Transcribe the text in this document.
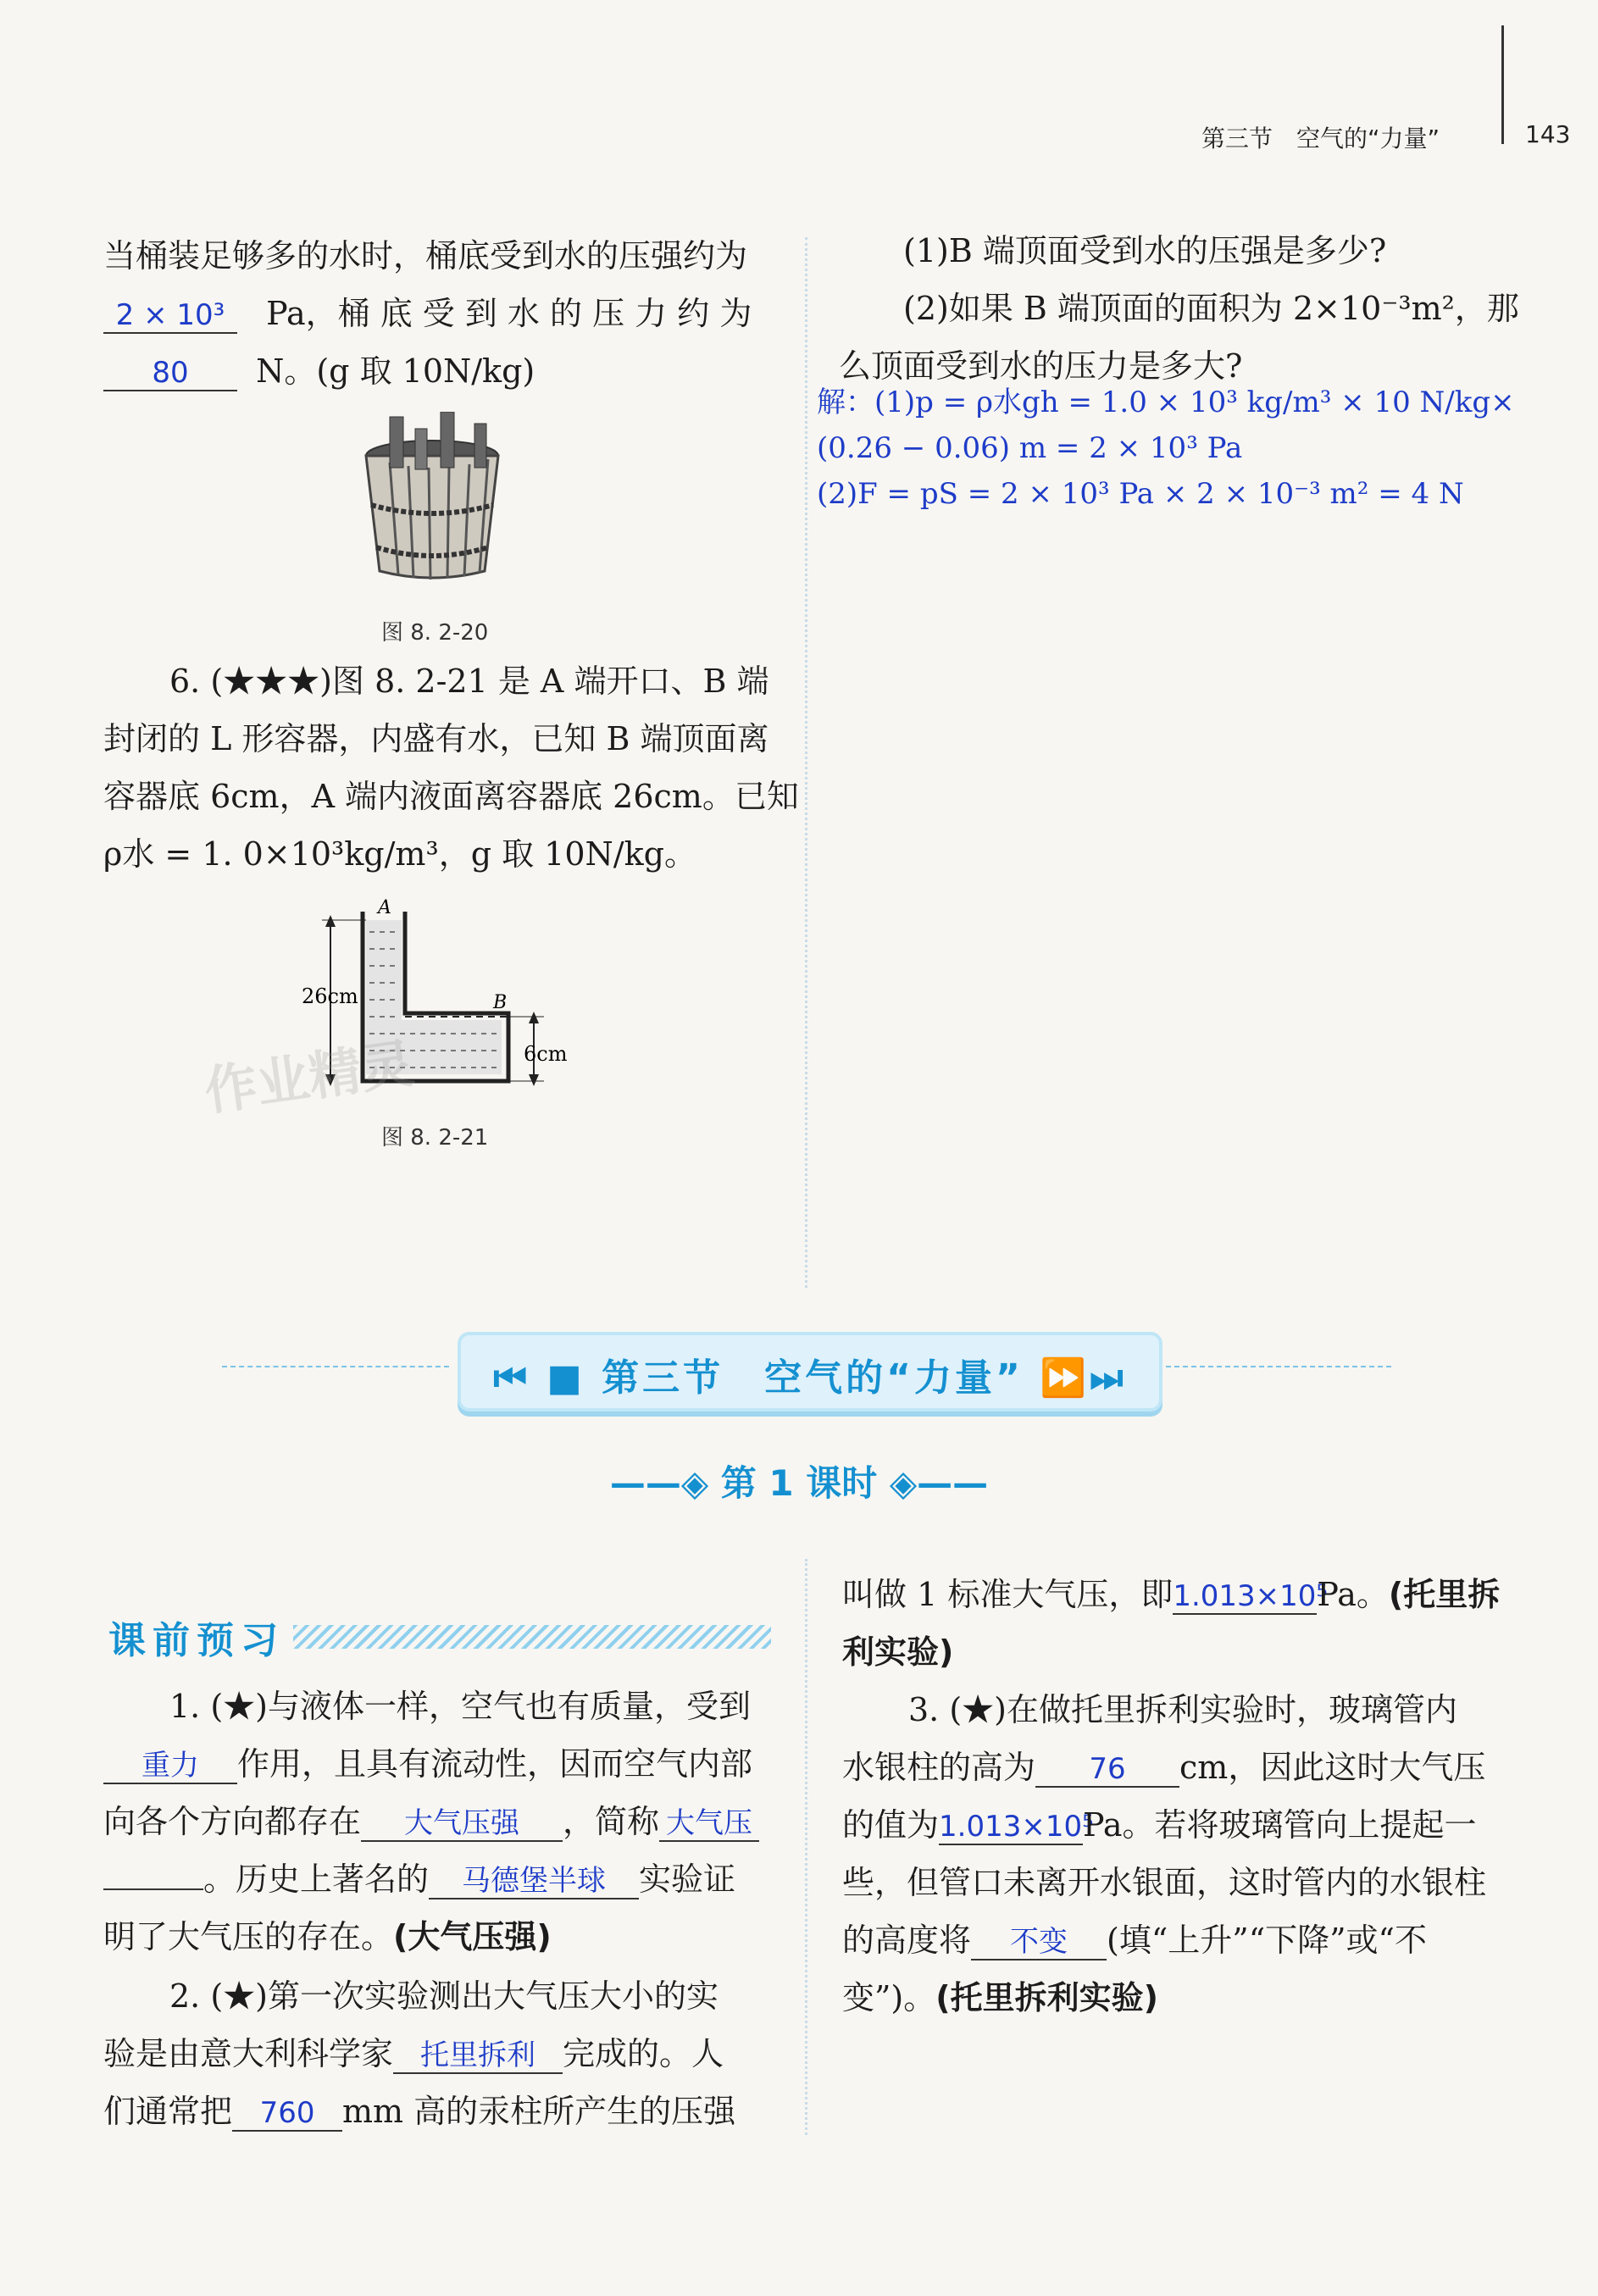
第三节　空气的“力量”	143
当桶装足够多的水时，桶底受到水的压强约为
2 × 10³ Pa，桶 底 受 到 水 的 压 力 约 为
80 N。(g 取 10N/kg)
图 8. 2-20
6. (★★★)图 8. 2-21 是 A 端开口、B 端
封闭的 L 形容器，内盛有水，已知 B 端顶面离
容器底 6cm，A 端内液面离容器底 26cm。已知
ρ水 = 1. 0×10³kg/m³，g 取 10N/kg。
A
B
26cm
6cm
图 8. 2-21
(1)B 端顶面受到水的压强是多少?
(2)如果 B 端顶面的面积为 2×10⁻³m²，那
么顶面受到水的压力是多大?
解：(1)p = ρ水gh = 1.0 × 10³ kg/m³ × 10 N/kg×
(0.26 − 0.06) m = 2 × 10³ Pa
(2)F = pS = 2 × 10³ Pa × 2 × 10⁻³ m² = 4 N
⏮ ■ 第三节　空气的“力量” ⏩⏭
——◈ 第 1 课时 ◈——
课前预习
1. (★)与液体一样，空气也有质量，受到
重力 作用，且具有流动性，因而空气内部
向各个方向都存在 大气压强 ，简称 大气压
。历史上著名的 马德堡半球 实验证
明了大气压的存在。(大气压强)
2. (★)第一次实验测出大气压大小的实
验是由意大利科学家 托里拆利 完成的。人
们通常把 760 mm 高的汞柱所产生的压强
叫做 1 标准大气压，即1.013×10⁵Pa。(托里拆
利实验)
3. (★)在做托里拆利实验时，玻璃管内
水银柱的高为 76 cm，因此这时大气压
的值为1.013×10⁵Pa。若将玻璃管向上提起一
些，但管口未离开水银面，这时管内的水银柱
的高度将 不变 (填“上升”“下降”或“不
变”)。(托里拆利实验)
作业精灵
